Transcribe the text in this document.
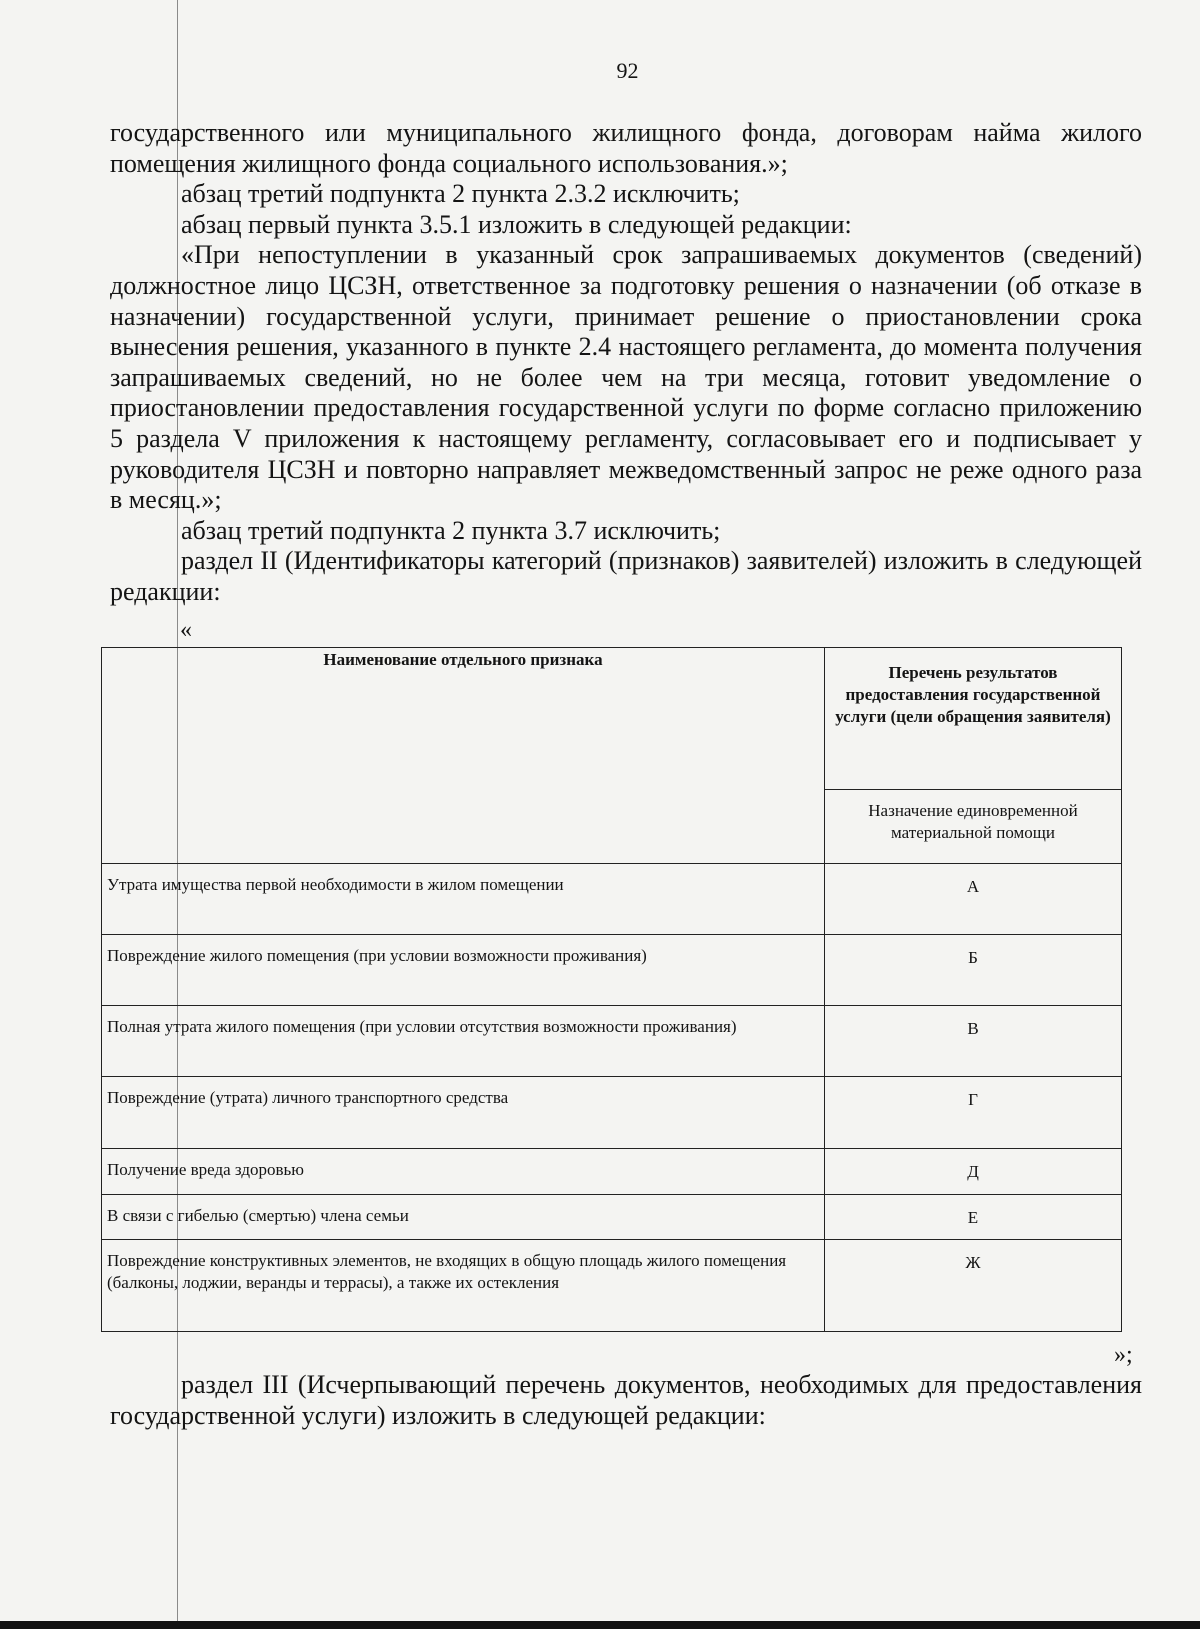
92

государственного или муниципального жилищного фонда, договорам найма жилого помещения жилищного фонда социального использования.»;

абзац третий подпункта 2 пункта 2.3.2 исключить;

абзац первый пункта 3.5.1 изложить в следующей редакции:

«При непоступлении в указанный срок запрашиваемых документов (сведений) должностное лицо ЦСЗН, ответственное за подготовку решения о назначении (об отказе в назначении) государственной услуги, принимает решение о приостановлении срока вынесения решения, указанного в пункте 2.4 настоящего регламента, до момента получения запрашиваемых сведений, но не более чем на три месяца, готовит уведомление о приостановлении предоставления государственной услуги по форме согласно приложению 5 раздела V приложения к настоящему регламенту, согласовывает его и подписывает у руководителя ЦСЗН и повторно направляет межведомственный запрос не реже одного раза в месяц.»;

абзац третий подпункта 2 пункта 3.7 исключить;

раздел II (Идентификаторы категорий (признаков) заявителей) изложить в следующей редакции:

«
Наименование отдельного признака	Перечень результатов предоставления государственной услуги (цели обращения заявителя)
	Назначение единовременной материальной помощи
Утрата имущества первой необходимости в жилом помещении	А
Повреждение жилого помещения (при условии возможности проживания)	Б
Полная утрата жилого помещения (при условии отсутствия возможности проживания)	В
Повреждение (утрата) личного транспортного средства	Г
Получение вреда здоровью	Д
В связи с гибелью (смертью) члена семьи	Е
Повреждение конструктивных элементов, не входящих в общую площадь жилого помещения (балконы, лоджии, веранды и террасы), а также их остекления	Ж
»;

раздел III (Исчерпывающий перечень документов, необходимых для предоставления государственной услуги) изложить в следующей редакции:
